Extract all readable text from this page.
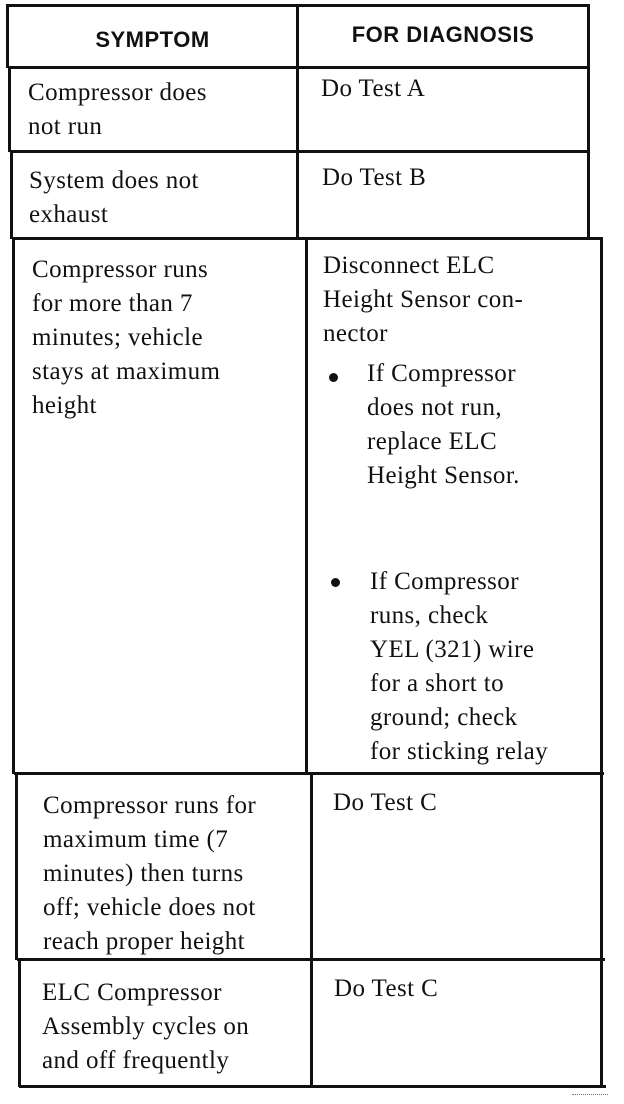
SYMPTOM	FOR DIAGNOSIS
Compressor does
not run
Do Test A
System does not
exhaust
Do Test B
Compressor runs
for more than 7
minutes; vehicle
stays at maximum
height
Disconnect ELC
Height Sensor con-
nector
If Compressor
does not run,
replace ELC
Height Sensor.
If Compressor
runs, check
YEL (321) wire
for a short to
ground; check
for sticking relay
Compressor runs for
maximum time (7
minutes) then turns
off; vehicle does not
reach proper height
Do Test C
ELC Compressor
Assembly cycles on
and off frequently
Do Test C
